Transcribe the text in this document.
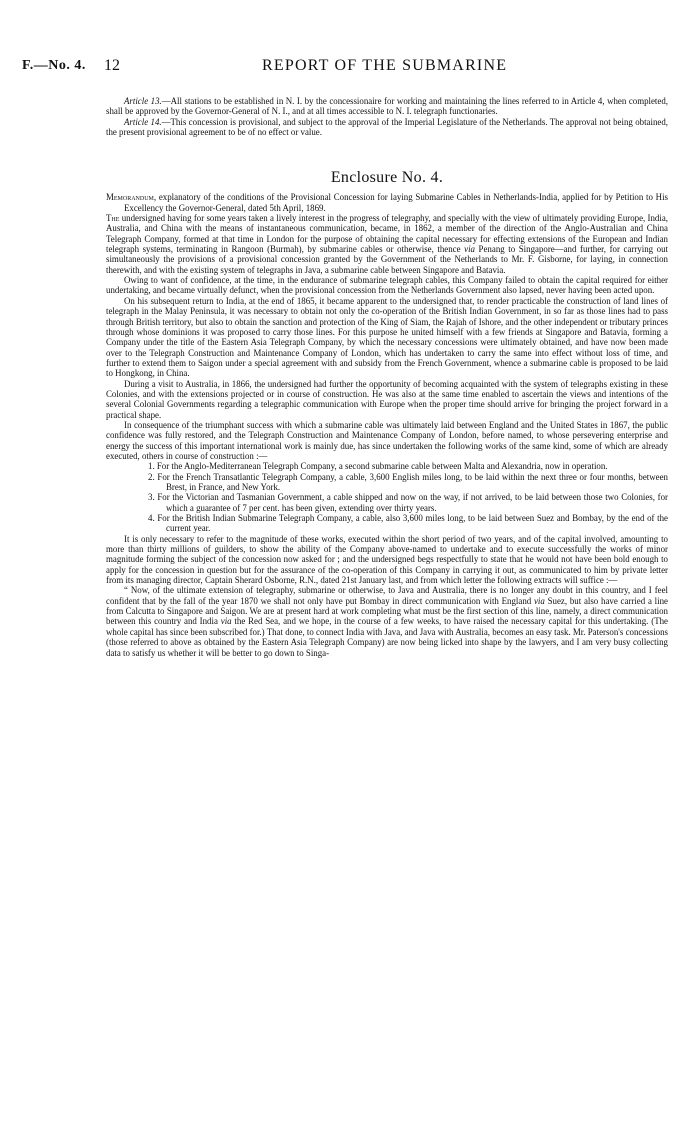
F.—No. 4. 12	REPORT OF THE SUBMARINE

Article 13.—All stations to be established in N. I. by the concessionaire for working and maintaining the lines referred to in Article 4, when completed, shall be approved by the Governor-General of N. I., and at all times accessible to N. I. telegraph functionaries.

Article 14.—This concession is provisional, and subject to the approval of the Imperial Legislature of the Netherlands. The approval not being obtained, the present provisional agreement to be of no effect or value.

Enclosure No. 4.

Memorandum, explanatory of the conditions of the Provisional Concession for laying Submarine Cables in Netherlands-India, applied for by Petition to His Excellency the Governor-General, dated 5th April, 1869.

The undersigned having for some years taken a lively interest in the progress of telegraphy, and specially with the view of ultimately providing Europe, India, Australia, and China with the means of instantaneous communication, became, in 1862, a member of the direction of the Anglo-Australian and China Telegraph Company, formed at that time in London for the purpose of obtaining the capital necessary for effecting extensions of the European and Indian telegraph systems, terminating in Rangoon (Burmah), by submarine cables or otherwise, thence via Penang to Singapore—and further, for carrying out simultaneously the provisions of a provisional concession granted by the Government of the Netherlands to Mr. F. Gisborne, for laying, in connection therewith, and with the existing system of telegraphs in Java, a submarine cable between Singapore and Batavia.

Owing to want of confidence, at the time, in the endurance of submarine telegraph cables, this Company failed to obtain the capital required for either undertaking, and became virtually defunct, when the provisional concession from the Netherlands Government also lapsed, never having been acted upon.

On his subsequent return to India, at the end of 1865, it became apparent to the undersigned that, to render practicable the construction of land lines of telegraph in the Malay Peninsula, it was necessary to obtain not only the co-operation of the British Indian Government, in so far as those lines had to pass through British territory, but also to obtain the sanction and protection of the King of Siam, the Rajah of Ishore, and the other independent or tributary princes through whose dominions it was proposed to carry those lines. For this purpose he united himself with a few friends at Singapore and Batavia, forming a Company under the title of the Eastern Asia Telegraph Company, by which the necessary concessions were ultimately obtained, and have now been made over to the Telegraph Construction and Maintenance Company of London, which has undertaken to carry the same into effect without loss of time, and further to extend them to Saigon under a special agreement with and subsidy from the French Government, whence a submarine cable is proposed to be laid to Hongkong, in China.

During a visit to Australia, in 1866, the undersigned had further the opportunity of becoming acquainted with the system of telegraphs existing in these Colonies, and with the extensions projected or in course of construction. He was also at the same time enabled to ascertain the views and intentions of the several Colonial Governments regarding a telegraphic communication with Europe when the proper time should arrive for bringing the project forward in a practical shape.

In consequence of the triumphant success with which a submarine cable was ultimately laid between England and the United States in 1867, the public confidence was fully restored, and the Telegraph Construction and Maintenance Company of London, before named, to whose persevering enterprise and energy the success of this important international work is mainly due, has since undertaken the following works of the same kind, some of which are already executed, others in course of construction :—

1. For the Anglo-Mediterranean Telegraph Company, a second submarine cable between Malta and Alexandria, now in operation.

2. For the French Transatlantic Telegraph Company, a cable, 3,600 English miles long, to be laid within the next three or four months, between Brest, in France, and New York.

3. For the Victorian and Tasmanian Government, a cable shipped and now on the way, if not arrived, to be laid between those two Colonies, for which a guarantee of 7 per cent. has been given, extending over thirty years.

4. For the British Indian Submarine Telegraph Company, a cable, also 3,600 miles long, to be laid between Suez and Bombay, by the end of the current year.

It is only necessary to refer to the magnitude of these works, executed within the short period of two years, and of the capital involved, amounting to more than thirty millions of guilders, to show the ability of the Company above-named to undertake and to execute successfully the works of minor magnitude forming the subject of the concession now asked for ; and the undersigned begs respectfully to state that he would not have been bold enough to apply for the concession in question but for the assurance of the co-operation of this Company in carrying it out, as communicated to him by private letter from its managing director, Captain Sherard Osborne, R.N., dated 21st January last, and from which letter the following extracts will suffice :—

“ Now, of the ultimate extension of telegraphy, submarine or otherwise, to Java and Australia, there is no longer any doubt in this country, and I feel confident that by the fall of the year 1870 we shall not only have put Bombay in direct communication with England via Suez, but also have carried a line from Calcutta to Singapore and Saigon. We are at present hard at work completing what must be the first section of this line, namely, a direct communication between this country and India via the Red Sea, and we hope, in the course of a few weeks, to have raised the necessary capital for this undertaking. (The whole capital has since been subscribed for.) That done, to connect India with Java, and Java with Australia, becomes an easy task. Mr. Paterson's concessions (those referred to above as obtained by the Eastern Asia Telegraph Company) are now being licked into shape by the lawyers, and I am very busy collecting data to satisfy us whether it will be better to go down to Singa-
